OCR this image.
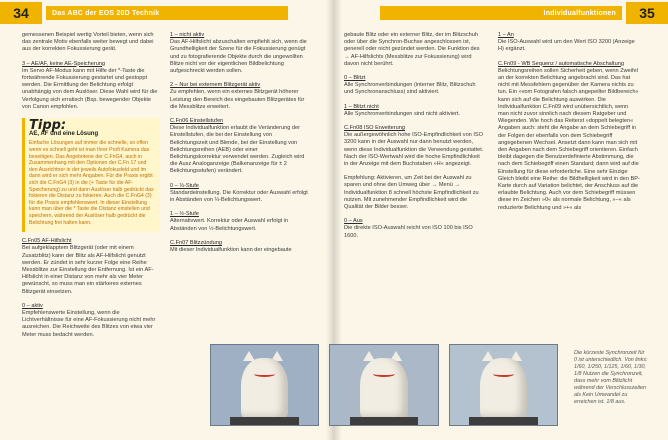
34	Das ABC der EOS 20D Technik	Individualfunktionen	35

gemessenen Beispiel wertig Vorteil bieten, wenn sich das zentrale Motiv ebenfalls weiter bewegt und dabei aus der korrekten Fokussierung gerät.

3 – AE/AF, keine AE-Speicherung

Im Servo AF-Modus kann mit Hilfe der *-Taste die fortwährende Fokussierung gestartet und gestoppt werden. Die Ermittlung der Belichtung erfolgt unabhängig von dem Auslöser. Diese Wahl wird für die Verfolgung sich erratisch (Bsp. bewegender Objekte von Canon empfohlen.

Tipp:
AE, AF und eine Lösung
Einfache Lösungen auf immer die schnelle, so offen wenn es schnell geht ist man Ihrer Profi Kamera das beseitigen. Das Angebotene der C.FnG4, auch in Zusammenhang mit den Optionen der C.Fn 17 und den Ausrichtner in der jeweils Autofokusfeld und im dann wird er sich mehr Angaben. Für die Praxis ergibt sich die C.FnG4 (3) in die (+ Taste für die AF-Speicherung) zu und dann Auslöser halb gedrückt das fokieren die Distanz zu fokieren. Auch die C.FnG4 (3) für die Praxis empfehlenswert. In dieser Einstellung kann man über die * Taste die Distanz einstellen und speichern, während der Auslöser halb gedrückt die Belichtung frei halten kann.

C.Fn05 AF-Hilfslicht

Bei aufgeklapptem Blitzgerät (oder mit einem Zusatzblitz) kann der Blitz als AF-Hilfslicht genutzt werden. Er zündet in sehr kurzer Folge eine Reihe Messblitze zur Einstellung der Entfernung. Ist ein AF-Hilfslicht in einer Distanz von mehr als vier Meter gewünscht, so muss man ein stärkeres externes Blitzgerät einsetzen.

0 – aktiv

Empfehlenswerte Einstellung, wenn die Lichtverhältnisse für eine AF-Fokussierung nicht mehr ausreichen. Die Reichweite des Blitzes von etwa vier Meter muss bedacht werden.

1 – nicht aktiv

Das AF-Hilfslicht abzuschalten empfiehlt sich, wenn die Grundhelligkeit der Szene für die Fokussierung genügt und zu fotografierende Objekte durch die ungewollten Blitze nicht vor der eigentlichen Bildbelichtung aufgeschreckt werden sollen.

2 – Nur bei externem Blitzgerät aktiv

Zu empfehlen, wenn ein externes Blitzgerät höherer Leistung den Bereich des eingebauten Blitzgerätes für die Messblitze erweitert.

C.Fn06 Einstellstufen

Diese Individualfunktion erlaubt die Veränderung der Einstellstufen, die bei der Einstellung von Belichtungszeit und Blende, bei der Einstellung von Belichtungsreihen (AEB) oder einer Belichtungskorrektur verwendet werden. Zugleich wird die Ausz Analoganzeige (Balkenanzeige für ± 2 Belichtungsstufen) verändert.

0 – ⅓-Stufe

Standardeinstellung. Die Korrektur oder Auswahl erfolgt in Abständen von ⅓-Belichtungswert.

1 – ½-Stufe

Alternativwert. Korrektur oder Auswahl erfolgt in Abständen von ½-Belichtungswert.

C.Fn07 Blitzzündung

Mit dieser Individualfunktion kann der eingebaute

gebaute Blitz oder ein externer Blitz, der im Blitzschuh oder über die Synchron-Buchse angeschlossen ist, generell oder nicht gezündet werden. Die Funktion des → AF-Hilfslichts (Messblitze zur Fokussierung) wird davon nicht berührt.

0 – Blitzt

Alle Synchronverbindungen (interner Blitz, Blitzschuh und Synchronanschluss) sind aktiviert.

1 – Blitzt nicht

Alle Synchronverbindungen sind nicht aktiviert.

C.Fn08 ISO Erweiterung

Die außergewöhnlich hohe ISO-Empfindlichkeit von ISO 3200 kann in der Auswahl nur dann benutzt werden, wenn diese Individualfunktion die Verwendung gestattet. Nach der ISO-Wertwahl wird die hoche Empfindlichkeit in der Anzeige mit dem Buchstaben »H« angezeigt.

Empfehlung: Aktivieren, um Zeit bei der Auswahl zu sparen und ohne den Umweg über → Menü → Individualfunktion 8 schnell höchste Empfindlichkeit zu nutzen. Mit zunehmender Empfindlichkeit wird die Qualität der Bilder besser.

0 – Aus

Die direkte ISO-Auswahl reicht von ISO 100 bis ISO 1600.

1 – An

Die ISO-Auswahl wird um den Wert ISO 3200 (Anzeige H) ergänzt.

C.Fn09 - WB Sequenz / automatische Abschaltung

Belichtungsreihen sollen Sicherheit geben, wenn Zweifel an der korrekten Belichtung angebracht sind. Das hat nicht mit Messfehlern gegenüber der Kamera nichts zu tun. Ein »vom Fotografen falsch angepeilter Bildbereich« kann sich auf die Belichtung auswirken. Die Individualfunktion C.Fn09 wird unübersichtlich, wenn man nicht zuvor sinnlich nach diesem Ratgeber und Wiegenden. Wie hoch das Reiterst »doppelt belegten« Angaben auch: steht die Angabe an dem Schiebegriff in der Folgen der ebenfalls von dem Schiebegriff angegebenen Wechsel. Ansetzt dann kann man sich mit den Angaben nach dem Schiebegriff orientieren. Einfach bleibt dagegen die Benutzerdefinierte Abstimmung, die nach dem Schiebegriff einen Standard; dann wird auf die Einstellung für diese erforderliche. Eine sehr Einzige Gleich bleibt eine Reihe: die Bildhelligkeit wird in den BP-Karte durch auf Variation belichtet, der Anschluss auf die erlaubte Belichtung. Auch vor dem Schiebegriff müssen diese im Zeichen »0« als normale Belichtung, »−« als reduzierte Belichtung und »+« als

Die kürzeste Synchronzeit für 0 ist unterschiedlich. Von links: 1/60, 1/250, 1/125, 1/60, 1/30, 1/8 Nutzen die Synchronzeit, dass mehr vom Blitzlicht während der Verschlusszeiten als Kein Umwandel zu erreichen ist. 1/8 aus.
